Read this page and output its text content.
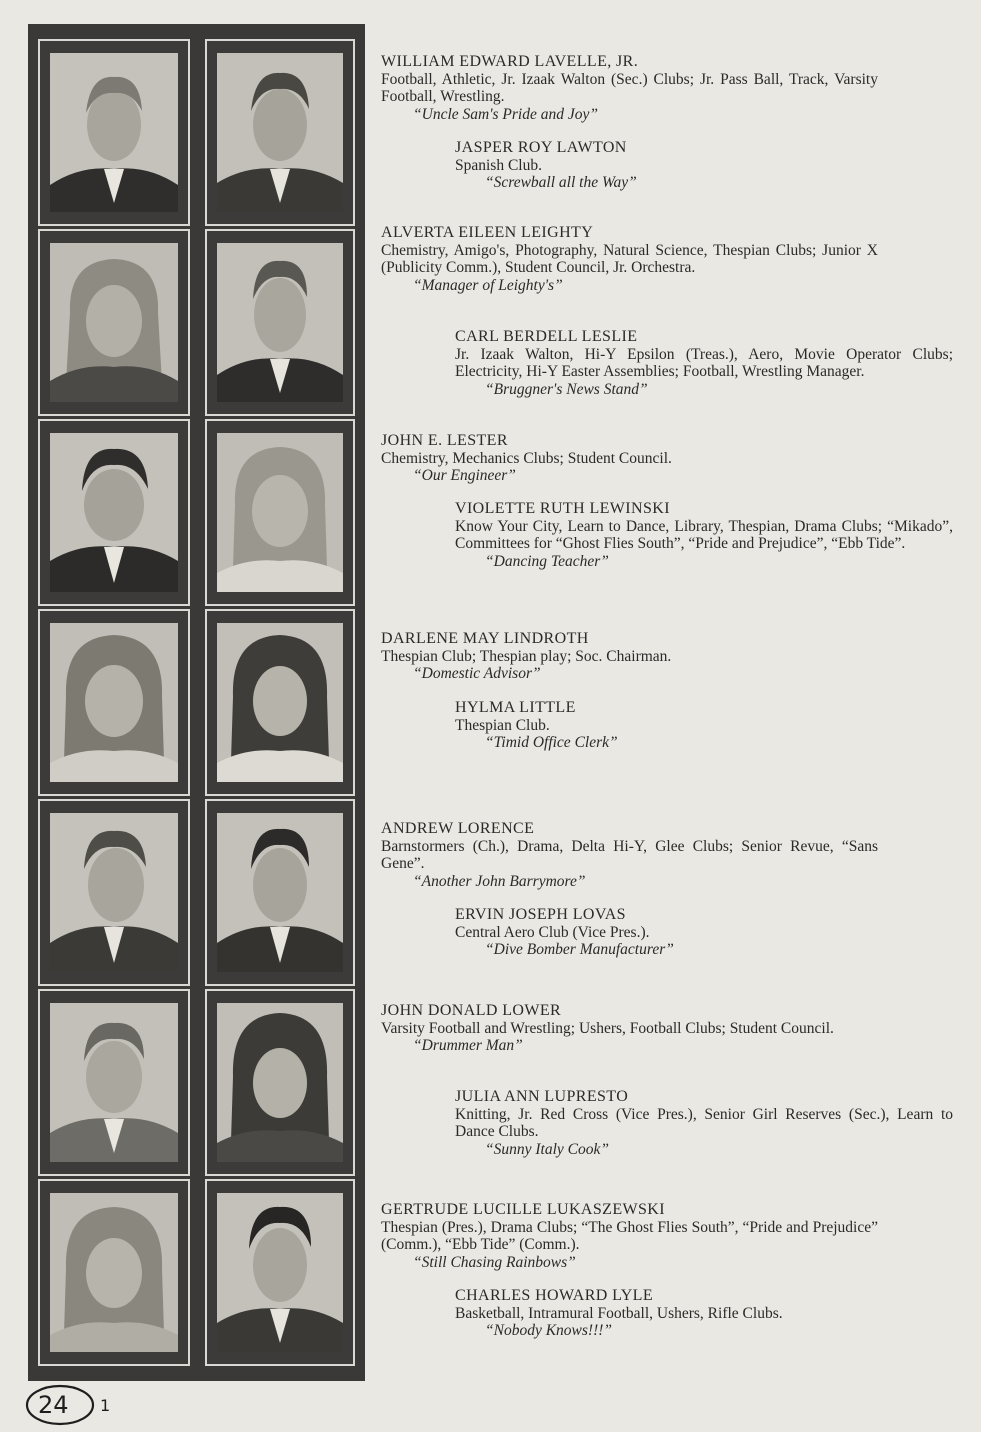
WILLIAM EDWARD LAVELLE, JR.
Football, Athletic, Jr. Izaak Walton (Sec.) Clubs; Jr. Pass Ball, Track, Varsity Football, Wrestling.
“Uncle Sam's Pride and Joy”
JASPER ROY LAWTON
Spanish Club.
“Screwball all the Way”
ALVERTA EILEEN LEIGHTY
Chemistry, Amigo's, Photography, Natural Science, Thespian Clubs; Junior X (Publicity Comm.), Student Council, Jr. Orchestra.
“Manager of Leighty's”
CARL BERDELL LESLIE
Jr. Izaak Walton, Hi-Y Epsilon (Treas.), Aero, Movie Operator Clubs; Electricity, Hi-Y Easter Assemblies; Football, Wrestling Manager.
“Bruggner's News Stand”
JOHN E. LESTER
Chemistry, Mechanics Clubs; Student Council.
“Our Engineer”
VIOLETTE RUTH LEWINSKI
Know Your City, Learn to Dance, Library, Thespian, Drama Clubs; “Mikado”, Committees for “Ghost Flies South”, “Pride and Prejudice”, “Ebb Tide”.
“Dancing Teacher”
DARLENE MAY LINDROTH
Thespian Club; Thespian play; Soc. Chairman.
“Domestic Advisor”
HYLMA LITTLE
Thespian Club.
“Timid Office Clerk”
ANDREW LORENCE
Barnstormers (Ch.), Drama, Delta Hi-Y, Glee Clubs; Senior Revue, “Sans Gene”.
“Another John Barrymore”
ERVIN JOSEPH LOVAS
Central Aero Club (Vice Pres.).
“Dive Bomber Manufacturer”
JOHN DONALD LOWER
Varsity Football and Wrestling; Ushers, Football Clubs; Student Council.
“Drummer Man”
JULIA ANN LUPRESTO
Knitting, Jr. Red Cross (Vice Pres.), Senior Girl Reserves (Sec.), Learn to Dance Clubs.
“Sunny Italy Cook”
GERTRUDE LUCILLE LUKASZEWSKI
Thespian (Pres.), Drama Clubs; “The Ghost Flies South”, “Pride and Prejudice” (Comm.), “Ebb Tide” (Comm.).
“Still Chasing Rainbows”
CHARLES HOWARD LYLE
Basketball, Intramural Football, Ushers, Rifle Clubs.
“Nobody Knows!!!”
24 1
